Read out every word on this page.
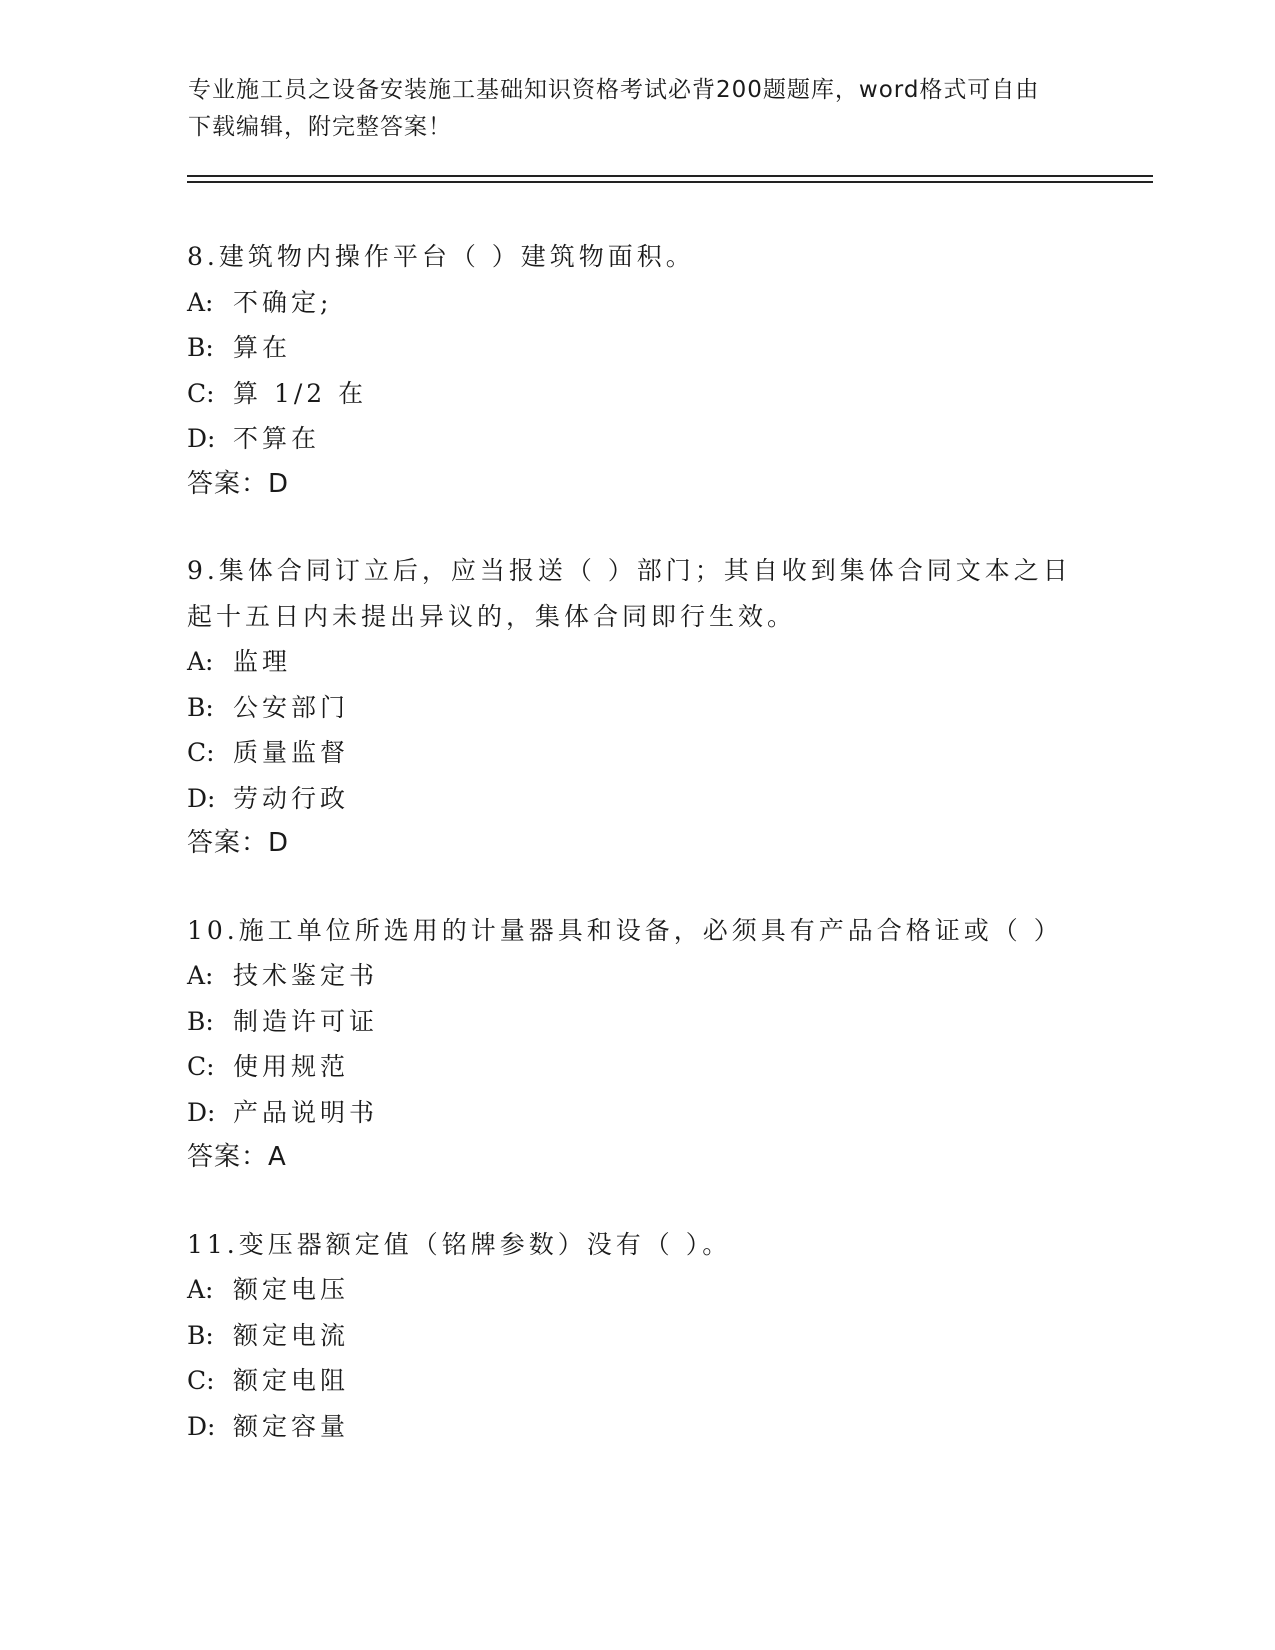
专业施工员之设备安装施工基础知识资格考试必背200题题库，word格式可自由
下载编辑，附完整答案！
8.建筑物内操作平台（ ）建筑物面积。
A: 不确定;
B: 算在
C: 算 1/2 在
D: 不算在
答案：D
9.集体合同订立后，应当报送（ ）部门；其自收到集体合同文本之日
起十五日内未提出异议的，集体合同即行生效。
A: 监理
B: 公安部门
C: 质量监督
D: 劳动行政
答案：D
10.施工单位所选用的计量器具和设备，必须具有产品合格证或（ ）
A: 技术鉴定书
B: 制造许可证
C: 使用规范
D: 产品说明书
答案：A
11.变压器额定值（铭牌参数）没有（ ）。
A: 额定电压
B: 额定电流
C: 额定电阻
D: 额定容量
